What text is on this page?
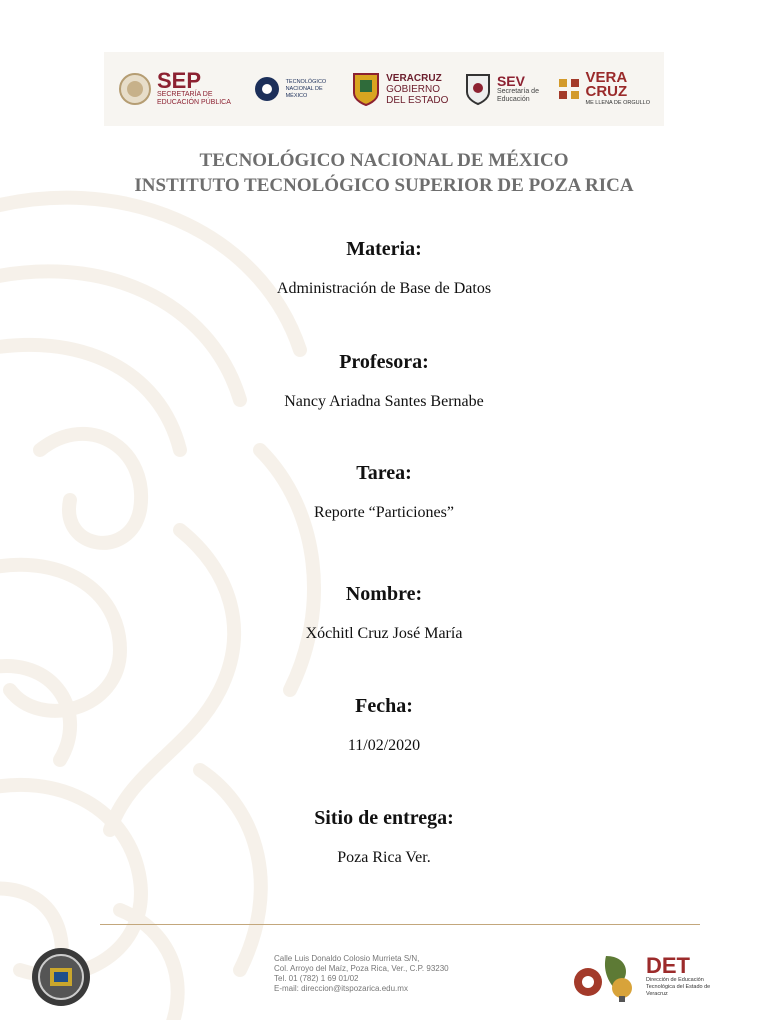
SEP
SECRETARÍA DE EDUCACIÓN PÚBLICA
TECNOLÓGICO NACIONAL DE MÉXICO
VERACRUZ
GOBIERNO
DEL ESTADO
SEV
Secretaría de Educación
VERA
CRUZ
ME LLENA DE ORGULLO
TECNOLÓGICO NACIONAL DE MÉXICO
INSTITUTO TECNOLÓGICO SUPERIOR DE POZA RICA
Materia:
Administración de Base de Datos
Profesora:
Nancy Ariadna Santes Bernabe
Tarea:
Reporte “Particiones”
Nombre:
Xóchitl Cruz José María
Fecha:
11/02/2020
Sitio de entrega:
Poza Rica Ver.
Calle Luis Donaldo Colosio Murrieta S/N,
Col. Arroyo del Maíz, Poza Rica, Ver., C.P. 93230
Tel. 01 (782) 1 69 01/02
E-mail: direccion@itspozarica.edu.mx
DET
Dirección de Educación Tecnológica del Estado de Veracruz
